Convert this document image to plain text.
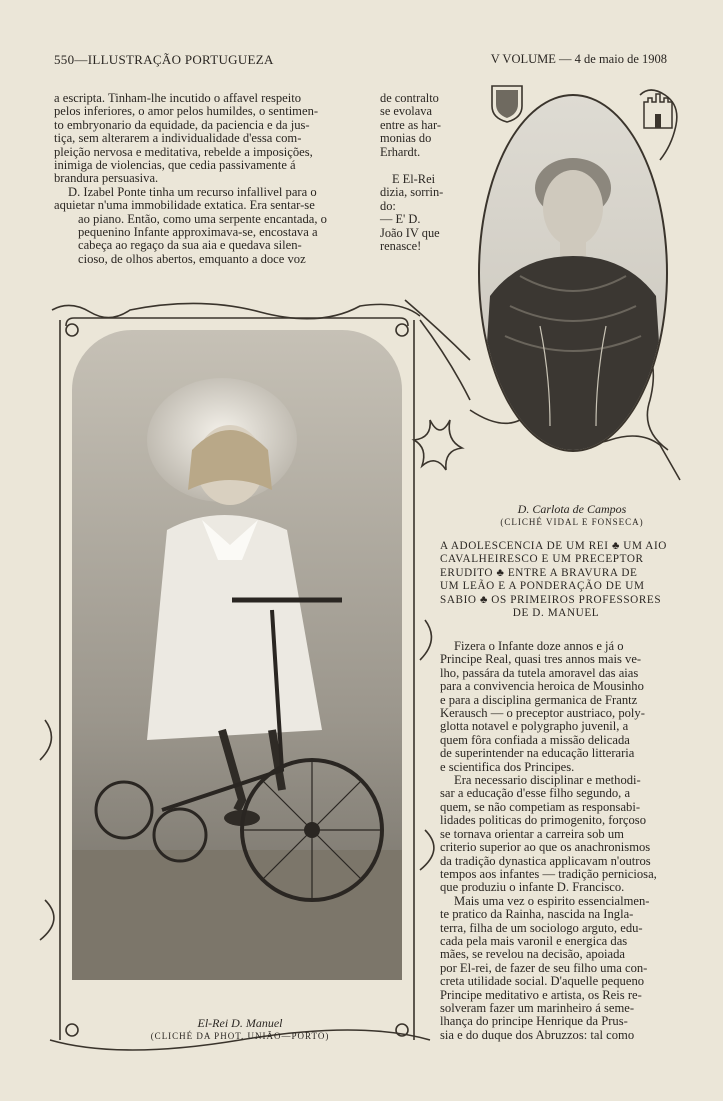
550—ILLUSTRAÇÃO PORTUGUEZA	V VOLUME — 4 de maio de 1908

a escripta. Tinham-lhe incutido o affavel respeito

pelos inferiores, o amor pelos humildes, o sentimen-

to embryonario da equidade, da paciencia e da jus-

tiça, sem alterarem a individualidade d'essa com-

pleição nervosa e meditativa, rebelde a imposições,

inimiga de violencias, que cedia passivamente á

brandura persuasiva.

D. Izabel Ponte tinha um recurso infallivel para o

aquietar n'uma immobilidade extatica. Era sentar-se

ao piano. Então, como uma serpente encantada, o

pequenino Infante approximava-se, encostava a

cabeça ao regaço da sua aia e quedava silen-

cioso, de olhos abertos, emquanto a doce voz

de contralto

se evolava

entre as har-

monias do

Erhardt.

E El-Rei

dizia, sorrin-

do:

— E' D.

João IV que

renasce!

El-Rei D. Manuel
(CLICHÉ DA PHOT. UNIÃO—PORTO)
D. Carlota de Campos
(CLICHÉ VIDAL E FONSECA)
A ADOLESCENCIA DE UM REI ♣ UM AIO
CAVALHEIRESCO E UM PRECEPTOR
ERUDITO ♣ ENTRE A BRAVURA DE
UM LEÃO E A PONDERAÇÃO DE UM
SABIO ♣ OS PRIMEIROS PROFESSORES
DE D. MANUEL

Fizera o Infante doze annos e já o

Principe Real, quasi tres annos mais ve-

lho, passára da tutela amoravel das aias

para a convivencia heroica de Mousinho

e para a disciplina germanica de Frantz

Kerausch — o preceptor austriaco, poly-

glotta notavel e polygrapho juvenil, a

quem fôra confiada a missão delicada

de superintender na educação litteraria

e scientifica dos Principes.

Era necessario disciplinar e methodi-

sar a educação d'esse filho segundo, a

quem, se não competiam as responsabi-

lidades politicas do primogenito, forçoso

se tornava orientar a carreira sob um

criterio superior ao que os anachronismos

da tradição dynastica applicavam n'outros

tempos aos infantes — tradição perniciosa,

que produziu o infante D. Francisco.

Mais uma vez o espirito essencialmen-

te pratico da Rainha, nascida na Ingla-

terra, filha de um sociologo arguto, edu-

cada pela mais varonil e energica das

mães, se revelou na decisão, apoiada

por El-rei, de fazer de seu filho uma con-

creta utilidade social. D'aquelle pequeno

Principe meditativo e artista, os Reis re-

solveram fazer um marinheiro á seme-

lhança do principe Henrique da Prus-

sia e do duque dos Abruzzos: tal como
